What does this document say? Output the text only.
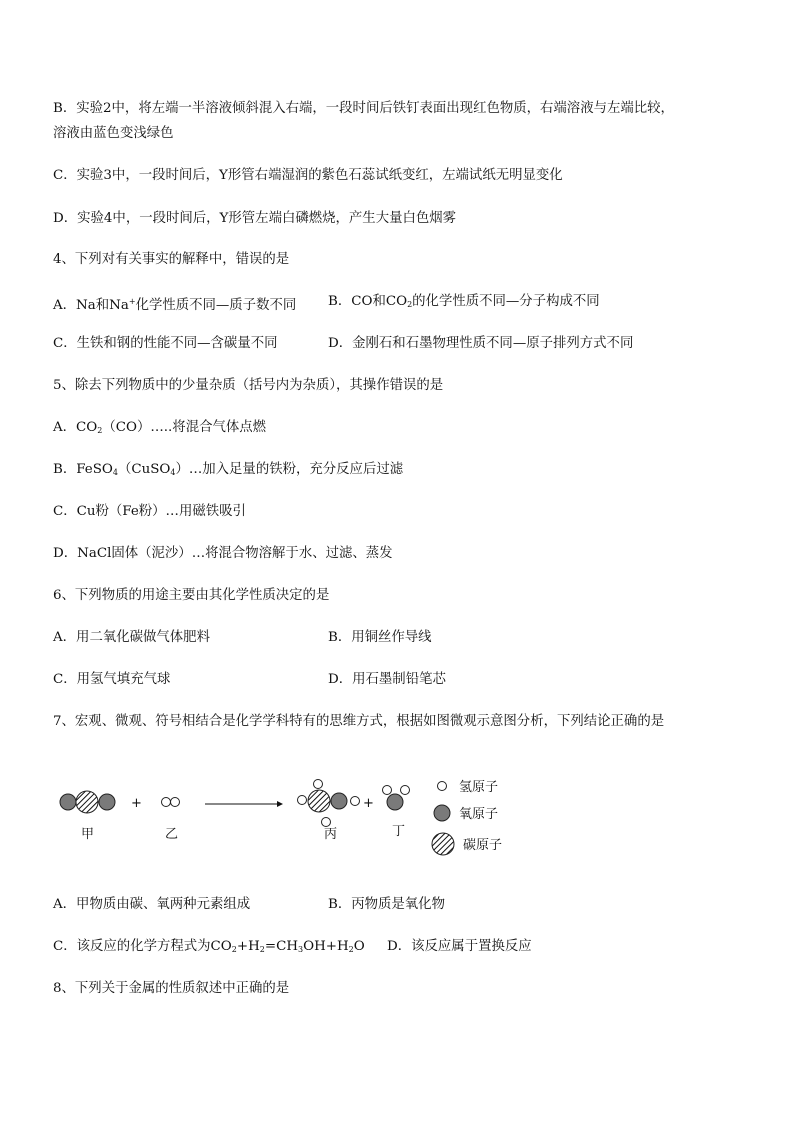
B．实验2中，将左端一半溶液倾斜混入右端，一段时间后铁钉表面出现红色物质，右端溶液与左端比较，

溶液由蓝色变浅绿色

C．实验3中，一段时间后，Y形管右端湿润的紫色石蕊试纸变红，左端试纸无明显变化

D．实验4中，一段时间后，Y形管左端白磷燃烧，产生大量白色烟雾

4、下列对有关事实的解释中，错误的是

A．Na和Na+化学性质不同—质子数不同 B．CO和$CO_2$的化学性质不同—分子构成不同

C．生铁和钢的性能不同—含碳量不同	D．金刚石和石墨物理性质不同—原子排列方式不同

5、除去下列物质中的少量杂质（括号内为杂质），其操作错误的是

A．$CO_2(CO)\dots$..将混合气体点燃

B．FeSO$_4$（CuSO$_4$）…加入足量的铁粉，充分反应后过滤

C．Cu粉（Fe粉）…用磁铁吸引

D．NaCl固体（泥沙）…将混合物溶解于水、过滤、蒸发

6、下列物质的用途主要由其化学性质决定的是

A．用二氧化碳做气体肥料	B．用铜丝作导线

C．用氢气填充气球	D．用石墨制铅笔芯

7、宏观、微观、符号相结合是化学学科特有的思维方式，根据如图微观示意图分析，下列结论正确的是

甲
+
乙	丙
+
丁
氢原子
氧原子
碳原子

A．甲物质由碳、氧两种元素组成	B．丙物质是氧化物

C．该反应的化学方程式为$CO_2+H_2=CH_3OH+H_2O$ D．该反应属于置换反应

8、下列关于金属的性质叙述中正确的是
